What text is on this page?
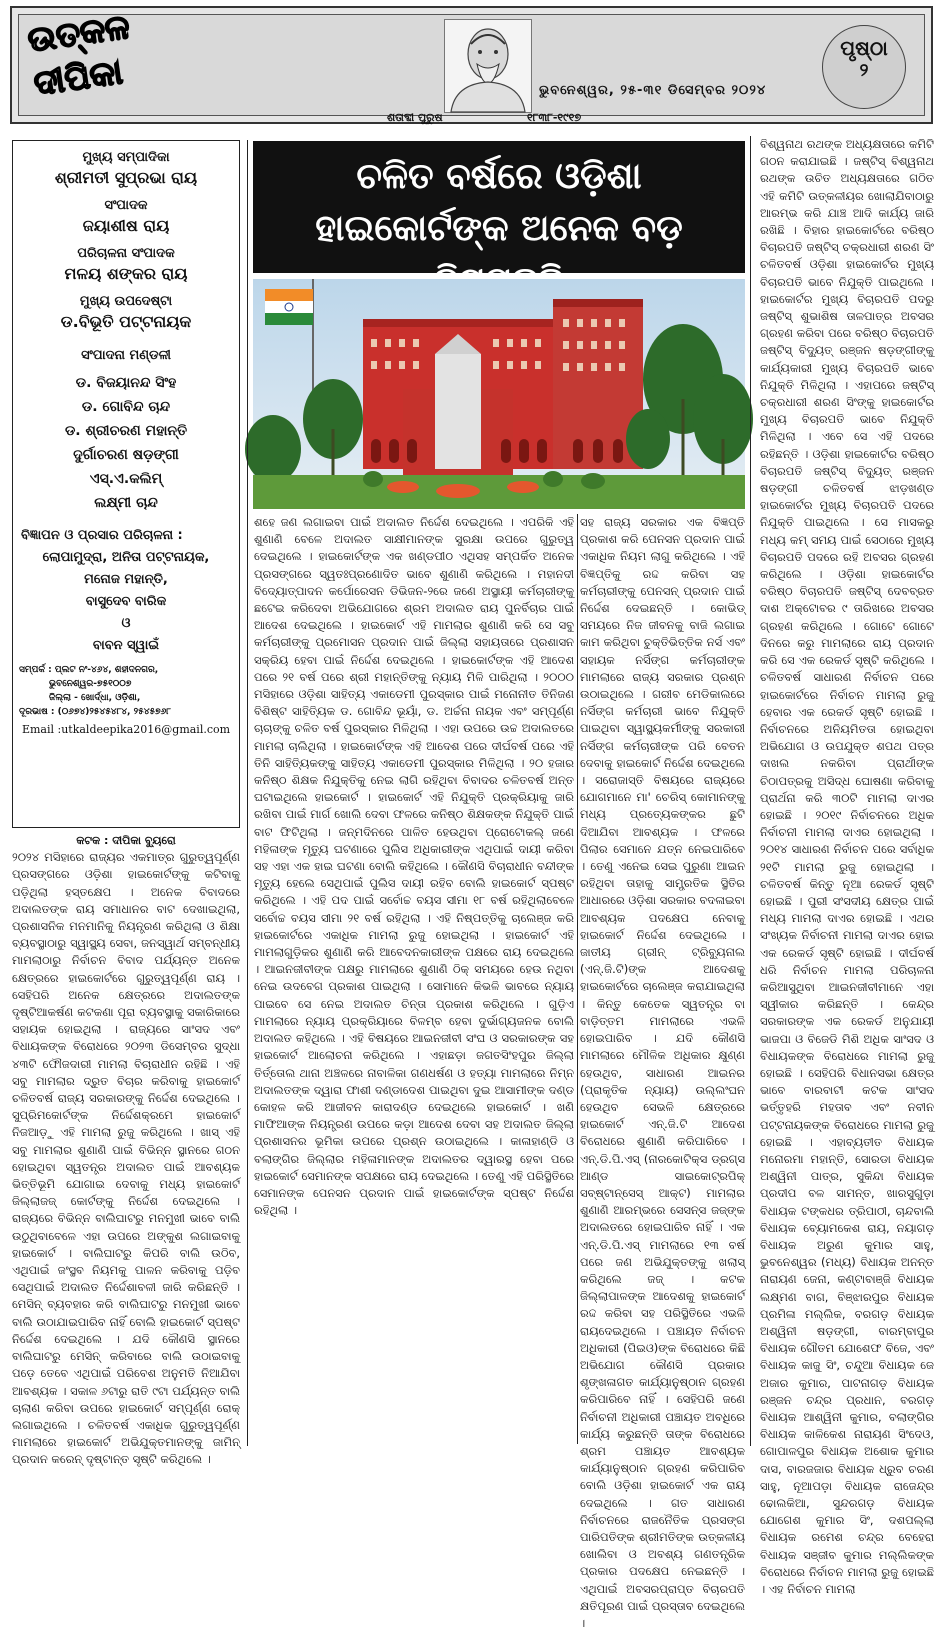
ଉତ୍କଳ
ଦୀପିକା
ଶତାବ୍ଦୀ ପୁରୁଷ	୧୮୩୮-୧୯୧୭
ଭୁବନେଶ୍ୱର, ୨୫-୩୧ ଡିସେମ୍ବର ୨୦୨୪
ପୃଷ୍ଠା
୨
ମୁଖ୍ୟ ସମ୍ପାଦିକା
ଶ୍ରୀମତୀ ସୁପ୍ରଭା ରାୟ
ସଂପାଦକ
ଜୟାଶୀଷ ରାୟ
ପରିଚାଳନା ସଂପାଦକ
ମଳୟ ଶଙ୍କର ରାୟ
ମୁଖ୍ୟ ଉପଦେଷ୍ଟା
ଡ.ବିଭୂତି ପଟ୍ଟନାୟକ
ସଂପାଦନା ମଣ୍ଡଳୀ
ଡ. ବିଜୟାନନ୍ଦ ସିଂହ
ଡ. ଗୋବିନ୍ଦ ଚାନ୍ଦ
ଡ. ଶ୍ରୀଚରଣ ମହାନ୍ତି
ଦୁର୍ଗାଚରଣ ଷଡ଼ଙ୍ଗୀ
ଏସ୍.ଏ.କଲିମ୍
ଲକ୍ଷ୍ମୀ ଚାନ୍ଦ
ବିଜ୍ଞାପନ ଓ ପ୍ରସାର ପରିଚାଳନା :
ଲୋପାମୁଦ୍ରା, ଅନିତା ପଟ୍ଟନାୟକ,
ମନୋଜ ମହାନ୍ତି,
ବାସୁଦେବ ବାରିକ
ଓ
ବାବନ ସ୍ୱାଇଁ
ସମ୍ପର୍କ : ପ୍ଲଟ ନଂ-୪୬୪, ଶହୀଦନଗର,
ଭୁବନେଶ୍ୱର-୭୫୧୦୦୭
ଜିଲ୍ଲା - ଖୋର୍ଦ୍ଧା, ଓଡ଼ିଶା,
ଦୂରଭାଷ : (୦୬୭୪)୨୫୪୫୪୮୪, ୨୫୪୫୭୬୮
Email :utkaldeepika2016@gmail.com
ଚଳିତ ବର୍ଷରେ ଓଡ଼ିଶା
ହାଇକୋର୍ଟଙ୍କ ଅନେକ ବଡ଼
କଟକ : ଦୀପିକା ବ୍ୟୁରୋ
୨୦୨୪ ମସିହାରେ ରାଜ୍ୟର ଏକମାତ୍ର ଗୁରୁତ୍ୱପୂର୍ଣ୍ଣ ପ୍ରସଙ୍ଗରେ ଓଡ଼ିଶା ହାଇକୋର୍ଟଙ୍କୁ କଟିବାକୁ ପଡ଼ିଥିଲା ହସ୍ତକ୍ଷେପ । ଅନେକ ବିବାଦରେ ଅଦାଲତଙ୍କ ରାୟ ସମାଧାନର ବାଟ ଦେଖାଇଥିଲା, ପ୍ରଶାସନିକ ମନମାନିକୁ ନିୟନ୍ତ୍ରଣ କରିଥିଲା ଓ ଶିକ୍ଷା ବ୍ୟବସ୍ଥାଠାରୁ ସ୍ୱାସ୍ଥ୍ୟ ସେବା, ଜନସ୍ୱାର୍ଥ ସମ୍ବନ୍ଧୀୟ ମାମଲାଠାରୁ ନିର୍ବାଚନ ବିବାଦ ପର୍ଯ୍ୟନ୍ତ ଅନେକ କ୍ଷେତ୍ରରେ ହାଇକୋର୍ଟରେ ଗୁରୁତ୍ୱପୂର୍ଣ୍ଣ ରାୟ । ସେହିପରି ଅନେକ କ୍ଷେତ୍ରରେ ଅଦାଲତଙ୍କ ଦୃଷ୍ଟିଆକର୍ଷଣ କଟକଣା ପୂରା ବ୍ୟବସ୍ଥାକୁ ସକାରିକାରେ ସହାୟକ ହୋଇଥିଲା । ରାଜ୍ୟରେ ସାଂସଦ ଏବଂ ବିଧାୟକଙ୍କ ବିରୋଧରେ ୨୦୨୩ ଡିସେମ୍ବର ସୁଦ୍ଧା ୪୩ଟି ଫୌଜଦାରୀ ମାମଲା ବିଚାରାଧୀନ ରହିଛି । ଏହି ସବୁ ମାମଲାର ଦ୍ରୁତ ବିଚାର କରିବାକୁ ହାଇକୋର୍ଟ ଚଳିତବର୍ଷ ରାଜ୍ୟ ସରକାରଙ୍କୁ ନିର୍ଦ୍ଦେଶ ଦେଇଥିଲେ । ସୁପ୍ରିମକୋର୍ଟଙ୍କ ନିର୍ଦ୍ଦେଶକ୍ରମେ ହାଇକୋର୍ଟ ନିଜଆଡ଼ୁ ଏହି ମାମଲା ରୁଜୁ କରିଥିଲେ । ଖାସ୍ ଏହି ସବୁ ମାମଲାର ଶୁଣାଣି ପାଇଁ ବିଭିନ୍ନ ସ୍ଥାନରେ ଗଠନ ହୋଇଥିବା ସ୍ୱତନ୍ତ୍ର ଅଦାଲତ ପାଇଁ ଆବଶ୍ୟକ ଭିତ୍ତିଭୂମି ଯୋଗାଇ ଦେବାକୁ ମଧ୍ୟ ହାଇକୋର୍ଟ ଜିଲ୍ଲାଜଜ୍ କୋର୍ଟଙ୍କୁ ନିର୍ଦ୍ଦେଶ ଦେଇଥିଲେ । ରାଜ୍ୟରେ ବିଭିନ୍ନ ବାଲିଘାଟରୁ ମନମୁଖୀ ଭାବେ ବାଲି ଉଠୁଥିବାବେଳେ ଏହା ଉପରେ ଅଙ୍କୁଶ ଲଗାଇବାକୁ ହାଇକୋର୍ଟ । ବାଲିଘାଟରୁ କିପରି ବାଲି ଉଠିବ, ଏଥିପାଇଁ ଜଂସ୍ଥବ ନିୟମକୁ ପାଳନ କରିବାକୁ ପଡ଼ିବ ସେଥିପାଇଁ ଅଦାଲତ ନିର୍ଦ୍ଦେଶାବଳୀ ଜାରି କରିଛନ୍ତି । ମେସିନ୍ ବ୍ୟବହାର କରି ବାଲିଘାଟରୁ ମନମୁଖୀ ଭାବେ ବାଲି ଉଠାଯାଇପାରିବ ନାହିଁ ବୋଲି ହାଇକୋର୍ଟ ସ୍ପଷ୍ଟ ନିର୍ଦ୍ଦେଶ ଦେଇଥିଲେ । ଯଦି କୌଣସି ସ୍ଥାନରେ ବାଲିଘାଟରୁ ମେସିନ୍ କରିବାରେ ବାଲି ଉଠାଇବାକୁ ପଡ଼େ ତେବେ ଏଥିପାଇଁ ପରିବେଶ ଅନୁମତି ନିଆଯିବା ଆବଶ୍ୟକ । ସକାଳ ୬ଟାରୁ ରାତି ୯ଟା ପର୍ଯ୍ୟନ୍ତ ବାଲି ଚାଲାଣ କରିବା ଉପରେ ହାଇକୋର୍ଟ ସମ୍ପୂର୍ଣ୍ଣ ରୋକ୍ ଲଗାଇଥିଲେ । ଚଳିତବର୍ଷ ଏକାଧିକ ଗୁରୁତ୍ୱପୂର୍ଣ୍ଣ ମାମଲାରେ ହାଇକୋର୍ଟ ଅଭିଯୁକ୍ତମାନଙ୍କୁ ଜାମିନ୍ ପ୍ରଦାନ କରେନ୍ ଦୃଷ୍ଟାନ୍ତ ସୃଷ୍ଟି କରିଥିଲେ ।
ଶହେ ଜଣ ଲଗାଇବା ପାଇଁ ଅଦାଲତ ନିର୍ଦ୍ଦେଶ ଦେଇଥିଲେ । ଏପରିକି ଏହି ଶୁଣାଣି ବେଳେ ଅଦାଲତ ସାକ୍ଷୀମାନଙ୍କ ସୁରକ୍ଷା ଉପରେ ଗୁରୁତ୍ୱ ଦେଇଥିଲେ । ହାଇକୋର୍ଟଙ୍କ ଏକ ଖଣ୍ଡପୀଠ ଏଥିସହ ସମ୍ପର୍କିତ ଅନେକ ପ୍ରସଙ୍ଗରେ ସ୍ୱତଃପ୍ରଣୋଦିତ ଭାବେ ଶୁଣାଣି କରିଥିଲେ । ମହାନଦୀ ବିଦ୍ୟୋତ୍ପାଦନ କର୍ପୋରେସନ ଡିଭିଜନ-୨ରେ ଜଣେ ଅସ୍ଥାୟୀ କର୍ମଚାରୀଙ୍କୁ ଛଟେଇ କରିଦେବା ଅଭିଯୋଗରେ ଶ୍ରମ ଅଦାଲତ ରାୟ ପୁନର୍ବିଚାର ପାଇଁ ଆଦେଶ ଦେଇଥିଲେ । ହାଇକୋର୍ଟ ଏହି ମାମଲାର ଶୁଣାଣି କରି ସେ ସବୁ କର୍ମଚାରୀଙ୍କୁ ପ୍ରମୋସନ ପ୍ରଦାନ ପାଇଁ ଜିଲ୍ଲା ସହାୟତାରେ ପ୍ରଶାସନ ସକ୍ରିୟ ହେବା ପାଇଁ ନିର୍ଦ୍ଦେଶ ଦେଇଥିଲେ । ହାଇକୋର୍ଟଙ୍କ ଏହି ଆଦେଶ ପରେ ୨୧ ବର୍ଷ ପରେ ଶ୍ରୀ ମହାନ୍ତିଙ୍କୁ ନ୍ୟାୟ ମିଳି ପାରିଥିଲା । ୨୦୦୦ ମସିହାରେ ଓଡ଼ିଶା ସାହିତ୍ୟ ଏକାଡେମୀ ପୁରସ୍କାର ପାଇଁ ମନୋନୀତ ତିନିଜଣ ବିଶିଷ୍ଟ ସାହିତ୍ୟିକ ଡ. ଗୋବିନ୍ଦ ଭୂୟାଁ, ଡ. ଅର୍ଚ୍ଚନା ନାୟକ ଏବଂ ସମ୍ପୂର୍ଣ୍ଣ ଚାଚାଙ୍କୁ ଚଳିତ ବର୍ଷ ପୁରସ୍କାର ମିଳିଥିଲା । ଏହା ଉପରେ ଉଚ୍ଚ ଅଦାଲତରେ ମାମଲା ଚାଲିଥିଲା । ହାଇକୋର୍ଟଙ୍କ ଏହି ଆଦେଶ ପରେ ଦୀର୍ଘବର୍ଷ ପରେ ଏହି ତିନି ସାହିତ୍ୟିକଙ୍କୁ ସାହିତ୍ୟ ଏକାଡେମୀ ପୁରସ୍କାର ମିଳିଥିଲା । ୨୦ ହଜାର କନିଷ୍ଠ ଶିକ୍ଷକ ନିଯୁକ୍ତିକୁ ନେଇ ଲାଗି ରହିଥିବା ବିବାଦର ଚଳିତବର୍ଷ ଅନ୍ତ ଘଟାଇଥିଲେ ହାଇକୋର୍ଟ । ହାଇକୋର୍ଟ ଏହି ନିଯୁକ୍ତି ପ୍ରକ୍ରିୟାକୁ ଜାରି ରଖିବା ପାଇଁ ମାର୍ଗ ଖୋଲି ଦେବା ଫଳରେ କନିଷ୍ଠ ଶିକ୍ଷକଙ୍କ ନିଯୁକ୍ତି ପାଇଁ ବାଟ ଫିଟିଥିଲା । ଜନ୍ମଦିନରେ ପାଳିତ ହେଉଥିବା ପ୍ରୋଟୋକଲ୍ ଜଣେ ମହିଳାଙ୍କ ମୃତ୍ୟୁ ଘଟଣାରେ ପୁଲିସ ଅଧିକାରୀଙ୍କ ଏଥିପାଇଁ ଦାୟୀ କରିବା ସହ ଏହା ଏକ ହାଇ ଘଟଣା ବୋଲି କହିଥିଲେ । କୌଣସି ବିଚାରାଧୀନ ବନ୍ଦୀଙ୍କ ମୃତ୍ୟୁ ହେଲେ ସେଥିପାଇଁ ପୁଲିସ ଦାୟୀ ରହିବ ବୋଲି ହାଇକୋର୍ଟ ସ୍ପଷ୍ଟ କରିଥିଲେ । ଏହି ପଦ ପାଇଁ ସର୍ବୋଚ୍ଚ ବୟସ ସୀମା ୧୮ ବର୍ଷ ରହିଥିଲାବେଳେ ସର୍ବୋଚ୍ଚ ବୟସ ସୀମା ୨୧ ବର୍ଷ ରହିଥିଲା । ଏହି ନିଷ୍ପତ୍ତିକୁ ଚାଲେଞ୍ଜ କରି ହାଇକୋର୍ଟରେ ଏକାଧିକ ମାମଲା ରୁଜୁ ହୋଇଥିଲା । ହାଇକୋର୍ଟ ଏହି ମାମଲାଗୁଡ଼ିକର ଶୁଣାଣି କରି ଆବେଦନକାରୀଙ୍କ ପକ୍ଷରେ ରାୟ ଦେଇଥିଲେ । ଆଇନଜୀବୀଙ୍କ ପକ୍ଷରୁ ମାମଲାରେ ଶୁଣାଣି ଠିକ୍ ସମୟରେ ହେଉ ନଥିବା ନେଇ ଉଦବେଗ ପ୍ରକାଶ ପାଇଥିଲା । ସୋମାନେ କିଭଳି ଭାବରେ ନ୍ୟାୟ ପାଇବେ ସେ ନେଇ ଅଦାଲତ ଚିନ୍ତା ପ୍ରକାଶ କରିଥିଲେ । ଗୁଡ଼ିଏ ମାମଲାରେ ନ୍ୟାୟ ପ୍ରକ୍ରିୟାରେ ବିଳମ୍ବ ହେବା ଦୁର୍ଭାଗ୍ୟଜନକ ବୋଲି ଅଦାଲତ କହିଥିଲେ । ଏହି ବିଷୟରେ ଆଇନଜୀବୀ ସଂଘ ଓ ସରକାରଙ୍କ ସହ ହାଇକୋର୍ଟ ଆଲୋଚନା କରିଥିଲେ । ଏହାଛଡ଼ା ଜଗତସିଂହପୁର ଜିଲ୍ଲା ତିର୍ତ୍ତୋଲ ଥାନା ଅଞ୍ଚଳରେ ନାବାଳିକା ଗଣଧର୍ଷଣ ଓ ହତ୍ୟା ମାମଲାରେ ନିମ୍ନ ଅଦାଲତଙ୍କ ଦ୍ୱାରା ଫାଶୀ ଦଣ୍ଡାଦେଶ ପାଇଥିବା ଦୁଇ ଆସାମୀଙ୍କ ଦଣ୍ଡ କୋହଳ କରି ଆଜୀବନ କାରାଦଣ୍ଡ ଦେଇଥିଲେ ହାଇକୋର୍ଟ । ଖଣି ମାଫିଆଙ୍କ ନିୟନ୍ତ୍ରଣ ଉପରେ କଡ଼ା ଆଦେଶ ଦେବା ସହ ଅଦାଲତ ଜିଲ୍ଲା ପ୍ରଶାସନର ଭୂମିକା ଉପରେ ପ୍ରଶ୍ନ ଉଠାଇଥିଲେ । କାଳାହାଣ୍ଡି ଓ ବଲାଙ୍ଗିର ଜିଲ୍ଲାର ମହିଳାମାନଙ୍କ ଅଦାଲତର ଦ୍ୱାରସ୍ଥ ହେବା ପରେ ହାଇକୋର୍ଟ ସେମାନଙ୍କ ସପକ୍ଷରେ ରାୟ ଦେଇଥିଲେ । ତେଣୁ ଏହି ପରିସ୍ଥିତିରେ ସେମାନଙ୍କ ପେନସନ ପ୍ରଦାନ ପାଇଁ ହାଇକୋର୍ଟଙ୍କ ସ୍ପଷ୍ଟ ନିର୍ଦ୍ଦେଶ ରହିଥିଲା ।
ସହ ରାଜ୍ୟ ସରକାର ଏକ ବିଜ୍ଞପ୍ତି ପ୍ରକାଶ କରି ପେନସନ ପ୍ରଦାନ ପାଇଁ ଏକାଧିକ ନିୟମ ଲାଗୁ କରିଥିଲେ । ଏହି ବିଜ୍ଞପ୍ତିକୁ ରଦ୍ଦ କରିବା ସହ କର୍ମଚାରୀଙ୍କୁ ପେନସନ୍ ପ୍ରଦାନ ପାଇଁ ନିର୍ଦ୍ଦେଶ ଦେଇଛନ୍ତି । କୋଭିଡ୍ ସମୟରେ ନିଜ ଜୀବନକୁ ବାଜି ଲଗାଇ କାମ କରିଥିବା ଚୁକ୍ତିଭିତ୍ତିକ ନର୍ସ ଏବଂ ସହାୟକ ନର୍ସିଙ୍ଗ କର୍ମଚାରୀଙ୍କ ମାମଲାରେ ରାଜ୍ୟ ସରକାର ପ୍ରଶ୍ନ ଉଠାଇଥିଲେ । ଗରୀବ ମେଡିକାଲରେ ନର୍ସିଙ୍ଗ କର୍ମଚାରୀ ଭାବେ ନିଯୁକ୍ତି ପାଇଥିବା ସ୍ୱାସ୍ଥ୍ୟକର୍ମୀଙ୍କୁ ସରକାରୀ ନର୍ସିଙ୍ଗ କର୍ମଚାରୀଙ୍କ ପରି ବେତନ ଦେବାକୁ ହାଇକୋର୍ଟ ନିର୍ଦ୍ଦେଶ ଦେଇଥିଲେ । ସରୋଜାସ୍ତି ବିଷୟରେ ରାଜ୍ୟରେ ଯୋଗମାନେ ମା' ଚେରିସ୍ କୋମାନଙ୍କୁ ମଧ୍ୟ ପ୍ରତ୍ୟେକଙ୍କର ଛୁଟି ଦିଆଯିବା ଆବଶ୍ୟକ । ଫଳରେ ପିଲାର ସେମାନେ ଯତ୍ନ ନେଇପାରିବେ । ତେଣୁ ଏନେଇ ସେଇ ପୁରୁଣା ଆଇନ ରହିଥିବା ତାହାକୁ ସାମ୍ପ୍ରତିକ ସ୍ଥିତିର ଆଧାରରେ ଓଡ଼ିଶା ସରକାର ବଦଳାଇବା ଆବଶ୍ୟକ ପଦକ୍ଷେପ ନେବାକୁ ହାଇକୋର୍ଟ ନିର୍ଦ୍ଦେଶ ଦେଇଥିଲେ । ଜାତୀୟ ଗ୍ରୀନ୍ ଟ୍ରିବ୍ୟୁନାଲ (ଏନ୍.ଜି.ଟି)ଙ୍କ ଆଦେଶକୁ ହାଇକୋର୍ଟରେ ଚାଲେଞ୍ଜ କରାଯାଇଥିଲା । କିନ୍ତୁ କେତେକ ସ୍ୱତନ୍ତ୍ର ବା ବାଡ଼ିତ୍ତମ ମାମଲାରେ ଏଭଳି ହୋଇପାରିବ । ଯଦି କୌଣସି ମାମଲାରେ ମୌଳିକ ଅଧିକାର କ୍ଷୁଣ୍ଣ ହେଉଥିବ, ସାଧାରଣ ଆଇନର (ପ୍ରାକୃତିକ ନ୍ୟାୟ) ଉଲ୍ଲଂଘନ ହେଉଥିବ ସେଭଳି କ୍ଷେତ୍ରରେ ହାଇକୋର୍ଟ ଏନ୍.ଜି.ଟି ଆଦେଶ ବିରୋଧରେ ଶୁଣାଣି କରିପାରିବେ । ଏନ୍.ଡି.ପି.ଏସ୍ (ନାରକୋଟିକ୍ସ ଡ୍ରଗ୍ସ ଆଣ୍ଡ ସାଇକୋଟ୍ରପିକ୍ ସବ୍‌ଷ୍ଟାନ୍ସେସ୍ ଆକ୍ଟ) ମାମଲାର ଶୁଣାଣି ଆରମ୍ଭରେ ସେସନ୍ସ ଜଜ୍ଙ୍କ ଅଦାଲତରେ ହୋଇପାରିବ ନାହିଁ । ଏକ ଏନ୍.ଡି.ପି.ଏସ୍ ମାମଲାରେ ୧୩ ବର୍ଷ ପରେ ଜଣ ଅଭିଯୁକ୍ତଙ୍କୁ ଖଲାସ୍ କରିଥିଲେ ଜଜ୍ । କଟକ ଜିଲ୍ଲାପାଳଙ୍କ ଆଦେଶକୁ ହାଇକୋର୍ଟ ରଦ୍ଦ କରିବା ସହ ପରିସ୍ଥିତିରେ ଏଭଳି ରାୟଦେଇଥିଲେ । ପଞ୍ଚାୟତ ନିର୍ବାଚନ ଅଧିକାରୀ (ପିଇଓ)ଙ୍କ ବିରୋଧରେ କିଛି ଅଭିଯୋଗ କୌଣସି ପ୍ରକାର ଶୃଙ୍ଖଳାଗତ କାର୍ଯ୍ୟାନୁଷ୍ଠାନ ଗ୍ରହଣ କରିପାରିବେ ନାହିଁ । ସେହିପରି ଜଣେ ନିର୍ବାଚନୀ ଅଧିକାରୀ ପଞ୍ଚାୟତ ଅବଧିରେ କାର୍ଯ୍ୟ କରୁଛନ୍ତି ତାଙ୍କ ବିରୋଧରେ ଶ୍ରମ ପଞ୍ଚାୟତ ଆବଶ୍ୟକ କାର୍ଯ୍ୟାନୁଷ୍ଠାନ ଗ୍ରହଣ କରିପାରିବ ବୋଲି ଓଡ଼ିଶା ହାଇକୋର୍ଟ ଏକ ରାୟ ଦେଇଥିଲେ । ଗତ ସାଧାରଣ ନିର୍ବାଚନରେ ରାଜନୈତିକ ପ୍ରସଙ୍ଗ ପାରିପତିଙ୍କ ଶ୍ରୀମତିଙ୍କ ଉତ୍କଳୀୟ ଖୋଲିବା ଓ ଅବଶ୍ୟ ଗଣତନ୍ତ୍ରିକ ପ୍ରକାର ପଦକ୍ଷେପ ନେଇଛନ୍ତି । ଏଥିପାଇଁ ଅବସରପ୍ରାପ୍ତ ବିଚାରପତି କ୍ଷତିପୂରଣ ପାଇଁ ପ୍ରସ୍ତାବ ଦେଇଥିଲେ ।
ବିଶ୍ୱନାଥ ରଥଙ୍କ ଅଧ୍ୟକ୍ଷତାରେ କମିଟି ଗଠନ କରାଯାଇଛି । ଜଷ୍ଟିସ୍ ବିଶ୍ୱନାଥ ରଥଙ୍କ ଉଚିତ ଅଧ୍ୟକ୍ଷତାରେ ଗଠିତ ଏହି କମିଟି ଉତ୍କଳୀୟର ଖୋଲାଯିବାଠାରୁ ଆରମ୍ଭ କରି ଯାଞ୍ଚ ଆଦି କାର୍ଯ୍ୟ ଜାରି ରଖିଛି । ବିହାର ହାଇକୋର୍ଟରେ ବରିଷ୍ଠ ବିଚାରପତି ଜଷ୍ଟିସ୍ ଚକ୍ରଧାରୀ ଶରଣ ସିଂ ଚଳିତବର୍ଷ ଓଡ଼ିଶା ହାଇକୋର୍ଟର ମୁଖ୍ୟ ବିଚାରପତି ଭାବେ ନିଯୁକ୍ତି ପାଇଥିଲେ । ହାଇକୋର୍ଟର ମୁଖ୍ୟ ବିଚାରପତି ପଦରୁ ଜଷ୍ଟିସ୍ ଶୁଭାଶିଷ ତାଳପାତ୍ର ଅବସର ଗ୍ରହଣ କରିବା ପରେ ବରିଷ୍ଠ ବିଚାରପତି ଜଷ୍ଟିସ୍ ବିଦ୍ୟୁତ୍ ରଞ୍ଜନ ଷଡ଼ଙ୍ଗୀଙ୍କୁ କାର୍ଯ୍ୟକାରୀ ମୁଖ୍ୟ ବିଚାରପତି ଭାବେ ନିଯୁକ୍ତି ମିଳିଥିଲା । ଏହାପରେ ଜଷ୍ଟିସ୍ ଚକ୍ରଧାରୀ ଶରଣ ସିଂଙ୍କୁ ହାଇକୋର୍ଟର ମୁଖ୍ୟ ବିଚାରପତି ଭାବେ ନିଯୁକ୍ତି ମିଳିଥିଲା । ଏବେ ସେ ଏହି ପଦରେ ରହିଛନ୍ତି । ଓଡ଼ିଶା ହାଇକୋର୍ଟର ବରିଷ୍ଠ ବିଚାରପତି ଜଷ୍ଟିସ୍ ବିଦ୍ୟୁତ୍ ରଞ୍ଜନ ଷଡ଼ଙ୍ଗୀ ଚଳିତବର୍ଷ ଝାଡ଼ଖଣ୍ଡ ହାଇକୋର୍ଟର ମୁଖ୍ୟ ବିଚାରପତି ପଦରେ ନିଯୁକ୍ତି ପାଇଥିଲେ । ସେ ମାସକରୁ ମଧ୍ୟ କମ୍ ସମୟ ପାଇଁ ସେଠାରେ ମୁଖ୍ୟ ବିଚାରପତି ପଦରେ ରହି ଅବସର ଗ୍ରହଣ କରିଥିଲେ । ଓଡ଼ିଶା ହାଇକୋର୍ଟର ବରିଷ୍ଠ ବିଚାରପତି ଜଷ୍ଟିସ୍ ଦେବବ୍ରତ ଦାଶ ଅକ୍ଟୋବର ୯ ତାରିଖରେ ଅବସର ଗ୍ରହଣ କରିଥିଲେ । ଗୋଟେ ଗୋଟେ ଦିନରେ କରୁ ମାମଲାରେ ରାୟ ପ୍ରଦାନ କରି ସେ ଏକ ରେକର୍ଡ ସୃଷ୍ଟି କରିଥିଲେ । ଚଳିତବର୍ଷ ସାଧାରଣ ନିର୍ବାଚନ ପରେ ହାଇକୋର୍ଟରେ ନିର୍ବାଚନ ମାମଲା ରୁଜୁ ହେବାର ଏକ ରେକର୍ଡ ସୃଷ୍ଟି ହୋଇଛି । ନିର୍ବାଚନରେ ଅନିୟମିତତା ହୋଇଥିବା ଅଭିଯୋଗ ଓ ଉପଯୁକ୍ତ ଶପଥ ପତ୍ର ଦାଖଲ ନକରିବା ପ୍ରାର୍ଥୀଙ୍କ ଚିଠାପତ୍ରକୁ ଅସିଦ୍ଧ ଘୋଷଣା କରିବାକୁ ପ୍ରାର୍ଥନା କରି ୩୦ଟି ମାମଲା ଦାଏର ହୋଇଛି । ୨୦୧୯ ନିର୍ବାଚନରେ ଅଧିକ ନିର୍ବାଚନୀ ମାମଲା ଦାଏର ହୋଇଥିଲା । ୨୦୧୪ ସାଧାରଣ ନିର୍ବାଚନ ପରେ ସର୍ବାଧିକ ୨୧ଟି ମାମଲା ରୁଜୁ ହୋଇଥିଲା । ଚଳିତବର୍ଷ କିନ୍ତୁ ନୂଆ ରେକର୍ଡ ସୃଷ୍ଟି ହୋଇଛି । ପୁରୀ ସଂସଦୀୟ କ୍ଷେତ୍ର ପାଇଁ ମଧ୍ୟ ମାମଲା ଦାଏର ହୋଇଛି । ଏଥର ସଂଖ୍ୟକ ନିର୍ବାଚନୀ ମାମଲା ଦାଏର ହୋଇ ଏକ ରେକର୍ଡ ସୃଷ୍ଟି ହୋଇଛି । ଦୀର୍ଘବର୍ଷ ଧରି ନିର୍ବାଚନ ମାମଲା ପରିଚାଳନା କରିଆସୁଥିବା ଆଇନଜୀବୀମାନେ ଏହା ସ୍ୱୀକାର କରିଛନ୍ତି । କେନ୍ଦ୍ର ସରକାରଙ୍କ ଏକ ରେକର୍ଡ ଅନୁଯାୟୀ ଭାଜପା ଓ ବିଜେଡି ମିଶି ଅଧିକ ସାଂସଦ ଓ ବିଧାୟକଙ୍କ ବିରୋଧରେ ମାମଲା ରୁଜୁ ହୋଇଛି । ସେହିପରି ବିଧାନସଭା କ୍ଷେତ୍ର ଭାବେ ବାରବାଟୀ କଟକ ସାଂସଦ ଭର୍ତ୍ତୃହରି ମହତାବ ଏବଂ ନବୀନ ପଟ୍ଟନାୟକଙ୍କ ବିରୋଧରେ ମାମଲା ରୁଜୁ ହୋଇଛି । ଏହାବ୍ୟତୀତ ବିଧାୟକ ମନୋରମା ମହାନ୍ତି, ସୋରଡା ବିଧାୟକ ଅଶ୍ୱିନୀ ପାତ୍ର, ସୁକିନ୍ଦା ବିଧାୟକ ପ୍ରଦୀପ ବଳ ସାମନ୍ତ, ଖାରସୁଗୁଡ଼ା ବିଧାୟକ ଟଙ୍କଧର ତ୍ରିପାଠୀ, ଚାନ୍ଦବାଲି ବିଧାୟକ ବ୍ୟୋମକେଶ ରାୟ, ନୟାଗଡ଼ ବିଧାୟକ ଅରୁଣ କୁମାର ସାହୁ, ଭୁବନେଶ୍ୱର (ମଧ୍ୟ) ବିଧାୟକ ଅନନ୍ତ ନାରାୟଣ ଜେନା, କଣ୍ଟାବାଞ୍ଜି ବିଧାୟକ ଲକ୍ଷ୍ମଣ ବାଗ, ବିଞ୍ଝାରପୁର ବିଧାୟକ ପ୍ରମିଳା ମଲ୍ଲିକ, ବରଗଡ଼ ବିଧାୟକ ଅଶ୍ୱିନୀ ଷଡ଼ଙ୍ଗୀ, ବାରମ୍ବାପୁର ବିଧାୟକ ଗୌତମ ଯୋଶେଫ ବିଜେ, ଏବଂ ବିଧାୟକ କାଜୁ ସିଂ, ଚନ୍ଦୁଆ ବିଧାୟକ ଜେ ଅଜାର କୁମାର, ପାଟନାଗଡ଼ ବିଧାୟକ ରଞ୍ଜନ ଚନ୍ଦ୍ର ପ୍ରଧାନ, ବରଗଡ଼ ବିଧାୟକ ଆଶ୍ୱିନୀ କୁମାର, ବଲାଙ୍ଗିର ବିଧାୟକ କାଳିକେଶ ନାରାୟଣ ସିଂଦେଓ, ଗୋପାଳପୁର ବିଧାୟକ ଅଶୋକ କୁମାର ଦାସ, ବାରଜଜାର ବିଧାୟକ ଧ୍ରୁବ ଚରଣ ସାହୁ, ନୂଆପଡ଼ା ବିଧାୟକ ରାଜେନ୍ଦ୍ର ଢୋଲକିଆ, ସୁନ୍ଦରଗଡ଼ ବିଧାୟକ ଯୋଗେଶ କୁମାର ସିଂ, ଦଶପଲ୍ଲା ବିଧାୟକ ରମେଶ ଚନ୍ଦ୍ର ବେହେରା ବିଧାୟକ ସଞ୍ଜୀବ କୁମାର ମଲ୍ଲିକଙ୍କ ବିରୋଧରେ ନିର୍ବାଚନ ମାମଲା ରୁଜୁ ହୋଇଛି । ଏହ ନିର୍ବାଚନ ମାମଲା
